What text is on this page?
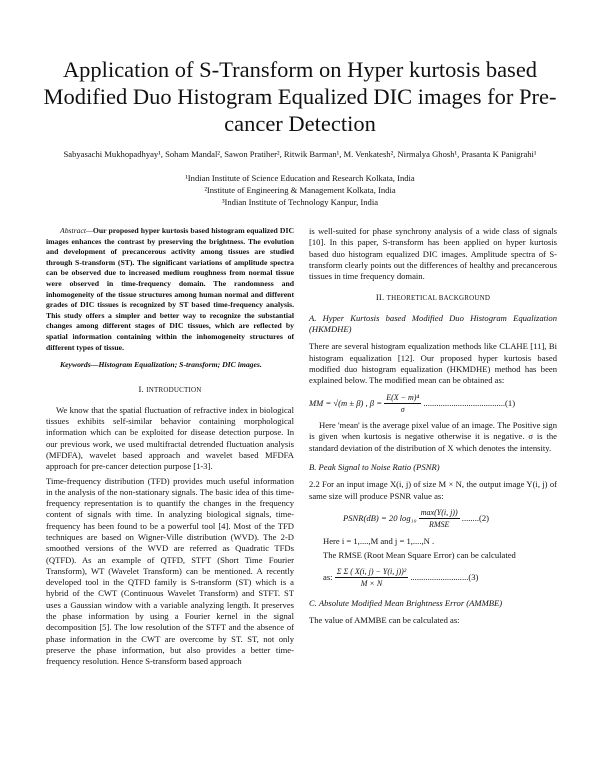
Application of S-Transform on Hyper kurtosis based Modified Duo Histogram Equalized DIC images for Pre-cancer Detection
Sabyasachi Mukhopadhyay¹, Soham Mandal², Sawon Pratiher², Ritwik Barman¹, M. Venkatesh², Nirmalya Ghosh¹, Prasanta K Panigrahi¹
¹Indian Institute of Science Education and Research Kolkata, India
²Institute of Engineering & Management Kolkata, India
³Indian Institute of Technology Kanpur, India

Abstract—Our proposed hyper kurtosis based histogram equalized DIC images enhances the contrast by preserving the brightness. The evolution and development of precancerous activity among tissues are studied through S-transform (ST). The significant variations of amplitude spectra can be observed due to increased medium roughness from normal tissue were observed in time-frequency domain. The randomness and inhomogeneity of the tissue structures among human normal and different grades of DIC tissues is recognized by ST based time-frequency analysis. This study offers a simpler and better way to recognize the substantial changes among different stages of DIC tissues, which are reflected by spatial information containing within the inhomogeneity structures of different types of tissue.

Keywords—Histogram Equalization; S-transform; DIC images.

I. INTRODUCTION

We know that the spatial fluctuation of refractive index in biological tissues exhibits self-similar behavior containing morphological information which can be exploited for disease detection purpose. In our previous work, we used multifractal detrended fluctuation analysis (MFDFA), wavelet based approach and wavelet based MFDFA approach for pre-cancer detection purpose [1-3].

Time-frequency distribution (TFD) provides much useful information in the analysis of the non-stationary signals. The basic idea of this time-frequency representation is to quantify the changes in the frequency content of signals with time. In analyzing biological signals, time-frequency has been found to be a powerful tool [4]. Most of the TFD techniques are based on Wigner-Ville distribution (WVD). The 2-D smoothed versions of the WVD are referred as Quadratic TFDs (QTFD). As an example of QTFD, STFT (Short Time Fourier Transform), WT (Wavelet Transform) can be mentioned. A recently developed tool in the QTFD family is S-transform (ST) which is a hybrid of the CWT (Continuous Wavelet Transform) and STFT. ST uses a Gaussian window with a variable analyzing length. It preserves the phase information by using a Fourier kernel in the signal decomposition [5]. The low resolution of the STFT and the absence of phase information in the CWT are overcome by ST. ST, not only preserve the phase information, but also provides a better time-frequency resolution. Hence S-transform based approach

is well-suited for phase synchrony analysis of a wide class of signals [10]. In this paper, S-transform has been applied on hyper kurtosis based duo histogram equalized DIC images. Amplitude spectra of S-transform clearly points out the differences of healthy and precancerous tissues in time frequency domain.

II. THEORETICAL BACKGROUND

A. Hyper Kurtosis based Modified Duo Histogram Equalization (HKMDHE)

There are several histogram equalization methods like CLAHE [11], Bi histogram equalization [12]. Our proposed hyper kurtosis based modified duo histogram equalization (HKMDHE) method has been explained below. The modified mean can be obtained as:

MM = √(m ± β) , $\beta = \frac{\text{E(X − m)⁴}}{\sigma} ......................................(1)$

Here 'mean' is the average pixel value of an image. The Positive sign is given when kurtosis is negative otherwise it is negative. σ is the standard deviation of the distribution of X which denotes the intensity.

B. Peak Signal to Noise Ratio (PSNR)

2.2 For an input image X(i, j) of size M × N, the output image Y(i, j) of same size will produce PSNR value as:

PSNR(dB) = 20 $\log_{10} \frac{\max(Y(i, j))}{\text{RMSE}} ........(2)$

Here i = 1,....,M and j = 1,....,N .

The RMSE (Root Mean Square Error) can be calculated

as: $\frac{\text{Σ Σ ( X(i, j) − Y(i, j))²}}{M \times N} ...........................(3)$

C. Absolute Modified Mean Brightness Error (AMMBE)

The value of AMMBE can be calculated as:
